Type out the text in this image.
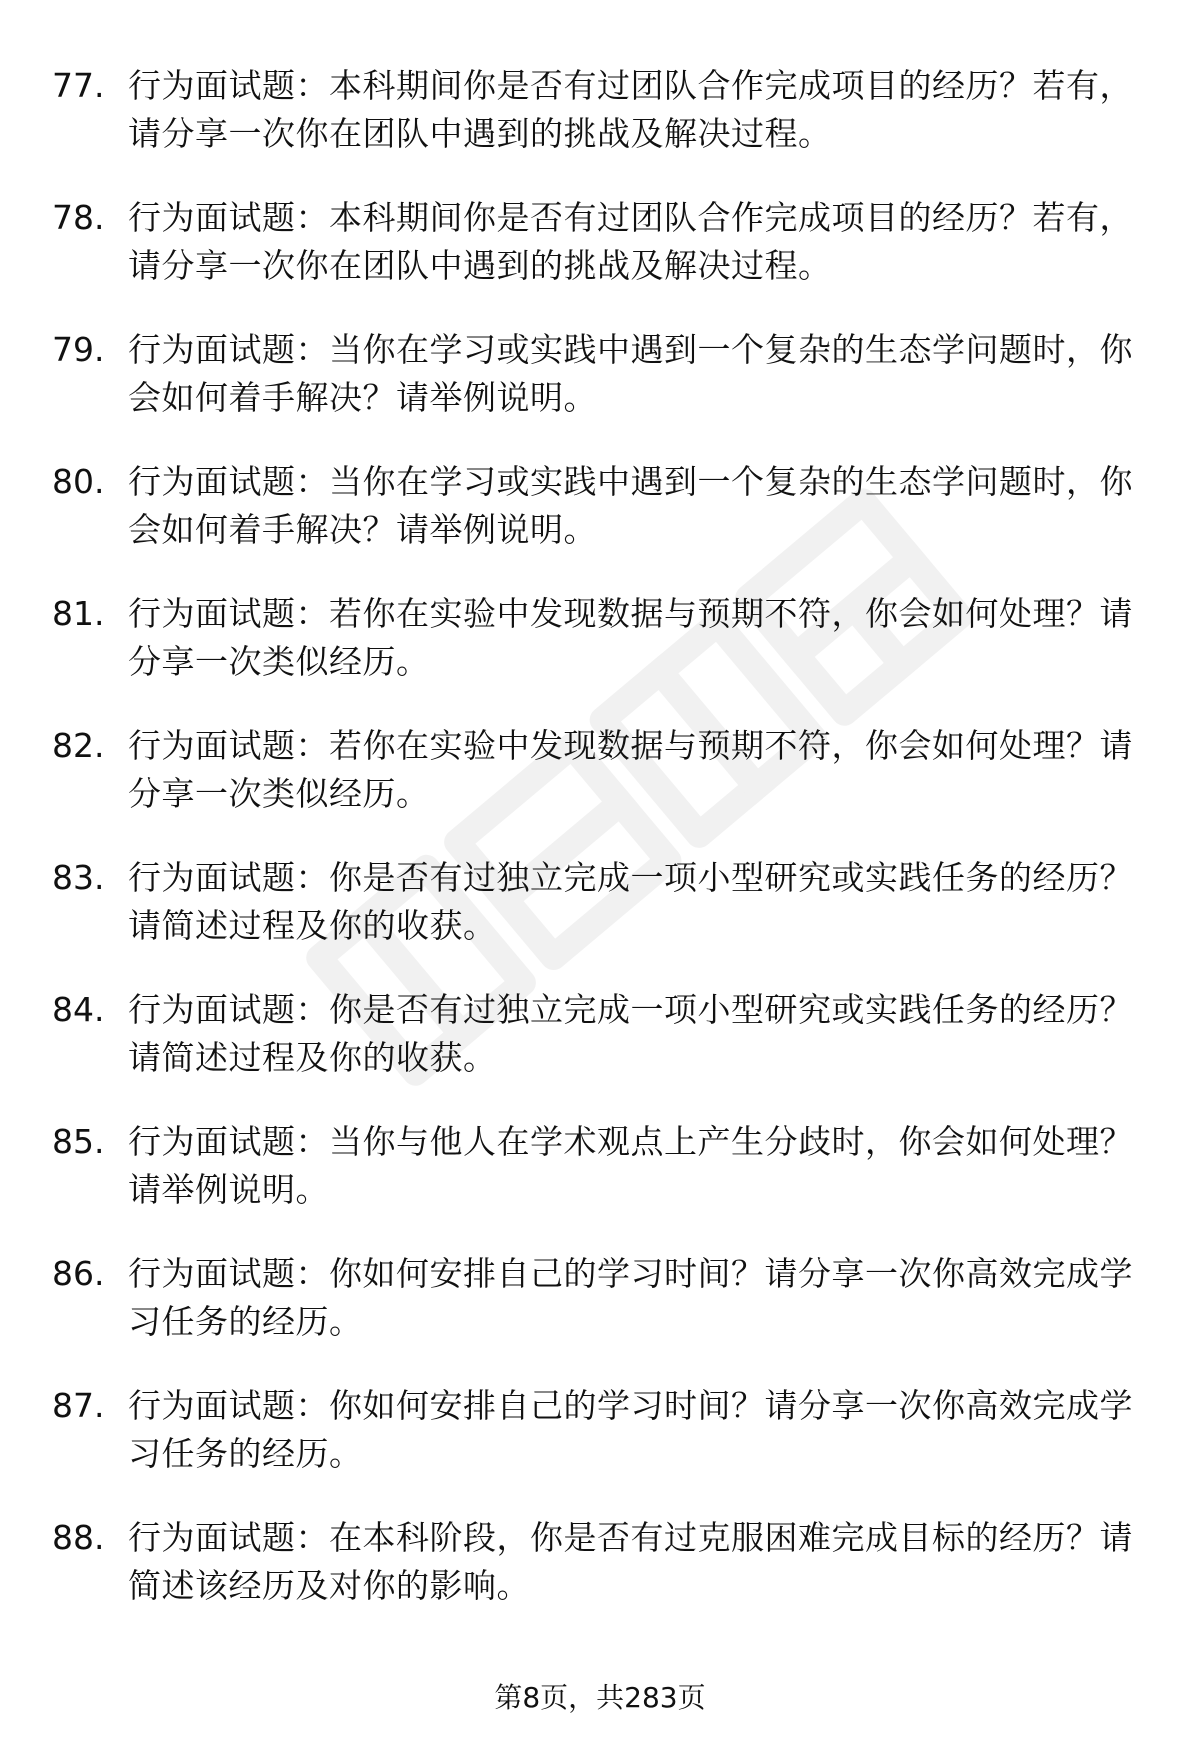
77. 行为面试题：本科期间你是否有过团队合作完成项目的经历？若有，请分享一次你在团队中遇到的挑战及解决过程。
78. 行为面试题：本科期间你是否有过团队合作完成项目的经历？若有，请分享一次你在团队中遇到的挑战及解决过程。
79. 行为面试题：当你在学习或实践中遇到一个复杂的生态学问题时，你会如何着手解决？请举例说明。
80. 行为面试题：当你在学习或实践中遇到一个复杂的生态学问题时，你会如何着手解决？请举例说明。
81. 行为面试题：若你在实验中发现数据与预期不符，你会如何处理？请分享一次类似经历。
82. 行为面试题：若你在实验中发现数据与预期不符，你会如何处理？请分享一次类似经历。
83. 行为面试题：你是否有过独立完成一项小型研究或实践任务的经历？请简述过程及你的收获。
84. 行为面试题：你是否有过独立完成一项小型研究或实践任务的经历？请简述过程及你的收获。
85. 行为面试题：当你与他人在学术观点上产生分歧时，你会如何处理？请举例说明。
86. 行为面试题：你如何安排自己的学习时间？请分享一次你高效完成学习任务的经历。
87. 行为面试题：你如何安排自己的学习时间？请分享一次你高效完成学习任务的经历。
88. 行为面试题：在本科阶段，你是否有过克服困难完成目标的经历？请简述该经历及对你的影响。
第8页，共283页
